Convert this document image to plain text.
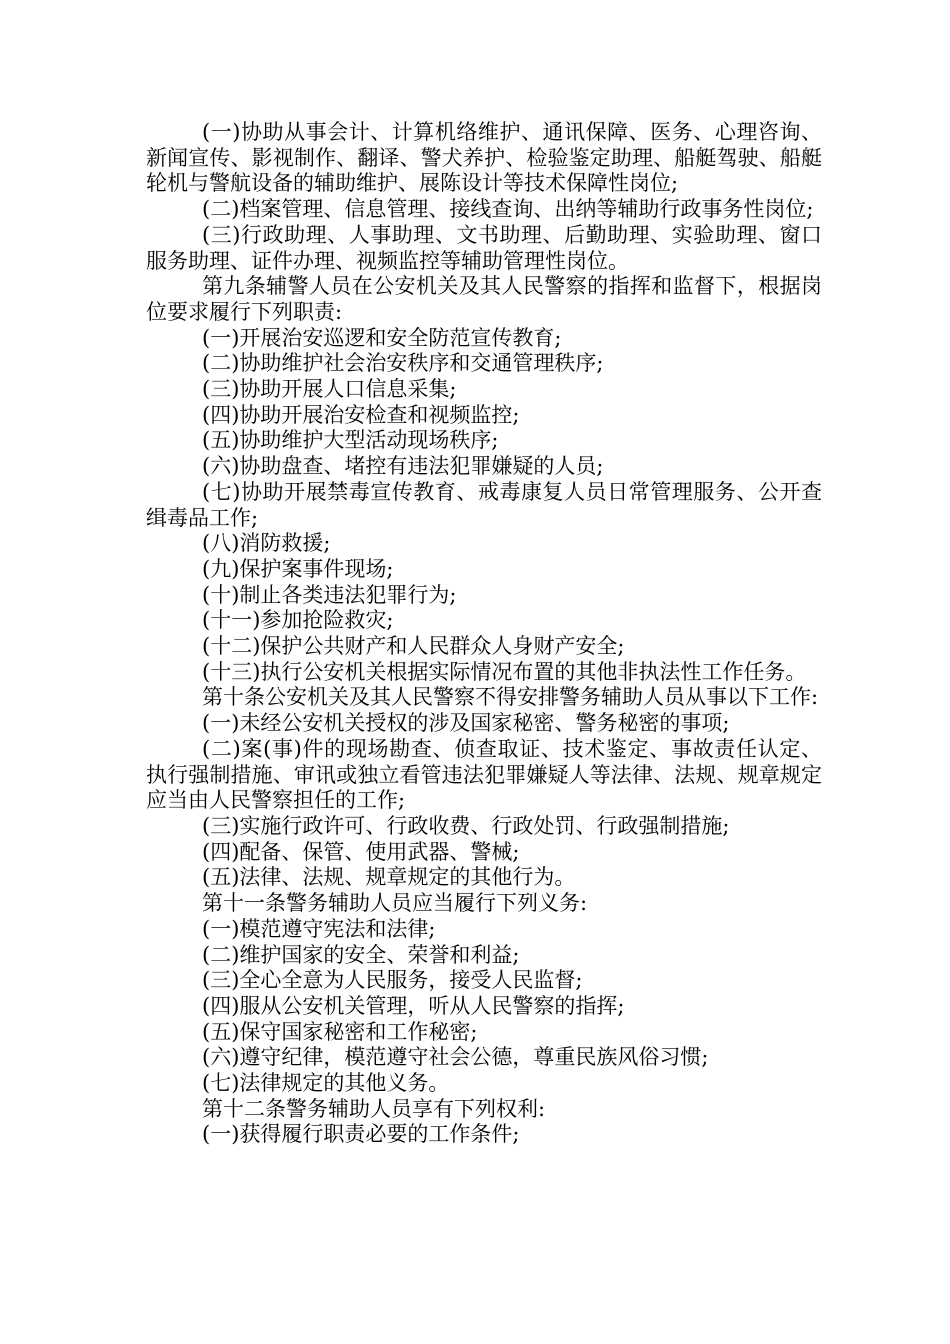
(一)协助从事会计、计算机络维护、通讯保障、医务、心理咨询、新闻宣传、影视制作、翻译、警犬养护、检验鉴定助理、船艇驾驶、船艇轮机与警航设备的辅助维护、展陈设计等技术保障性岗位;

(二)档案管理、信息管理、接线查询、出纳等辅助行政事务性岗位;

(三)行政助理、人事助理、文书助理、后勤助理、实验助理、窗口服务助理、证件办理、视频监控等辅助管理性岗位。

第九条辅警人员在公安机关及其人民警察的指挥和监督下，根据岗位要求履行下列职责:

(一)开展治安巡逻和安全防范宣传教育;

(二)协助维护社会治安秩序和交通管理秩序;

(三)协助开展人口信息采集;

(四)协助开展治安检查和视频监控;

(五)协助维护大型活动现场秩序;

(六)协助盘查、堵控有违法犯罪嫌疑的人员;

(七)协助开展禁毒宣传教育、戒毒康复人员日常管理服务、公开查缉毒品工作;

(八)消防救援;

(九)保护案事件现场;

(十)制止各类违法犯罪行为;

(十一)参加抢险救灾;

(十二)保护公共财产和人民群众人身财产安全;

(十三)执行公安机关根据实际情况布置的其他非执法性工作任务。

第十条公安机关及其人民警察不得安排警务辅助人员从事以下工作:

(一)未经公安机关授权的涉及国家秘密、警务秘密的事项;

(二)案(事)件的现场勘查、侦查取证、技术鉴定、事故责任认定、执行强制措施、审讯或独立看管违法犯罪嫌疑人等法律、法规、规章规定应当由人民警察担任的工作;

(三)实施行政许可、行政收费、行政处罚、行政强制措施;

(四)配备、保管、使用武器、警械;

(五)法律、法规、规章规定的其他行为。

第十一条警务辅助人员应当履行下列义务:

(一)模范遵守宪法和法律;

(二)维护国家的安全、荣誉和利益;

(三)全心全意为人民服务，接受人民监督;

(四)服从公安机关管理，听从人民警察的指挥;

(五)保守国家秘密和工作秘密;

(六)遵守纪律，模范遵守社会公德，尊重民族风俗习惯;

(七)法律规定的其他义务。

第十二条警务辅助人员享有下列权利:

(一)获得履行职责必要的工作条件;
